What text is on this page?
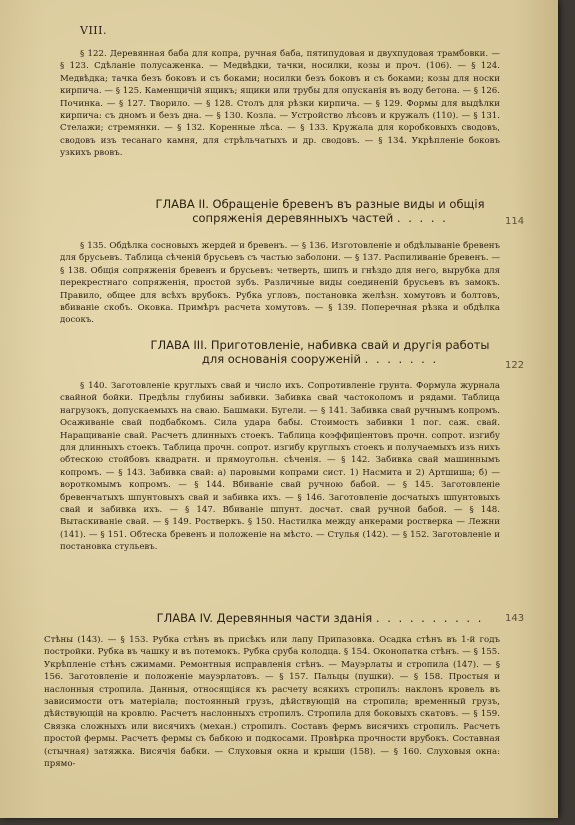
VIII.

§ 122. Деревянная баба для копра, ручная баба, пятипудовая и двухпудовая трамбовки. — § 123. Сдѣланіе полусаженка. — Медвѣдки, тачки, носилки, козы и проч. (106). — § 124. Медвѣдка; тачка безъ боковъ и съ боками; носилки безъ боковъ и съ боками; козы для носки кирпича. — § 125. Каменщичій ящикъ; ящики или трубы для опусканія въ воду бетона. — § 126. Починка. — § 127. Творило. — § 128. Столъ для рѣзки кирпича. — § 129. Формы для выдѣлки кирпича: съ дномъ и безъ дна. — § 130. Козла. — Устройство лѣсовъ и кружалъ (110). — § 131. Стелажи; стремянки. — § 132. Коренные лѣса. — § 133. Кружала для коробковыхъ сводовъ, сводовъ изъ тесанаго камня, для стрѣльчатыхъ и др. сводовъ. — § 134. Укрѣпленіе боковъ узкихъ рвовъ.

ГЛАВА II. Обращеніе бревенъ въ разные виды и общія сопряженія деревянныхъ частей . . . . .	114

§ 135. Обдѣлка сосновыхъ жердей и бревенъ. — § 136. Изготовленіе и обдѣлываніе бревенъ для брусьевъ. Таблица сѣченій брусьевъ съ частью заболони. — § 137. Распиливаніе бревенъ. — § 138. Общія сопряженія бревенъ и брусьевъ: четверть, шипъ и гнѣздо для него, вырубка для перекрестнаго сопряженія, простой зубъ. Различные виды соединеній брусьевъ въ замокъ. Правило, общее для всѣхъ врубокъ. Рубка угловъ, постановка желѣзн. хомутовъ и болтовъ, вбиваніе скобъ. Оковка. Примѣръ расчета хомутовъ. — § 139. Поперечная рѣзка и обдѣлка досокъ.

ГЛАВА III. Приготовленіе, набивка свай и другія работы для основанія сооруженій . . . . . . .	122

§ 140. Заготовленіе круглыхъ свай и число ихъ. Сопротивленіе грунта. Формула журнала свайной бойки. Предѣлы глубины забивки. Забивка свай частоколомъ и рядами. Таблица нагрузокъ, допускаемыхъ на сваю. Башмаки. Бугели. — § 141. Забивка свай ручнымъ копромъ. Осаживаніе свай подбабкомъ. Сила удара бабы. Стоимость забивки 1 пог. саж. свай. Наращиваніе свай. Расчетъ длинныхъ стоекъ. Таблица коэффиціентовъ прочн. сопрот. изгибу для длинныхъ стоекъ. Таблица прочн. сопрот. изгибу круглыхъ стоекъ и получаемыхъ изъ нихъ обтескою стойбовъ квадратн. и прямоугольн. сѣченія. — § 142. Забивка свай машиннымъ копромъ. — § 143. Забивка свай: а) паровыми копрами сист. 1) Насмита и 2) Артшиша; б) — вороткомымъ копромъ. — § 144. Вбиваніе свай ручною бабой. — § 145. Заготовленіе бревенчатыхъ шпунтовыхъ свай и забивка ихъ. — § 146. Заготовленіе досчатыхъ шпунтовыхъ свай и забивка ихъ. — § 147. Вбиваніе шпунт. досчат. свай ручной бабой. — § 148. Вытаскиваніе свай. — § 149. Ростверкъ. § 150. Настилка между анкерами ростверка — Лежни (141). — § 151. Обтеска бревенъ и положеніе на мѣсто. — Стулья (142). — § 152. Заготовленіе и постановка стульевъ.

ГЛАВА IV. Деревянныя части зданія . . . . . . . . . .	143

Стѣны (143). — § 153. Рубка стѣнъ въ присѣкъ или лапу Припазовка. Осадка стѣнъ въ 1-й годъ постройки. Рубка въ чашку и въ потемокъ. Рубка сруба колодца. § 154. Оконопатка стѣнъ. — § 155. Укрѣпленіе стѣнъ сжимами. Ремонтныя исправленія стѣнъ. — Мауэрлаты и стропила (147). — § 156. Заготовленіе и положеніе мауэрлатовъ. — § 157. Пальцы (пушки). — § 158. Простыя и наслонныя стропила. Данныя, относящіяся къ расчету всякихъ стропилъ: наклонъ кровель въ зависимости отъ матеріала; постоянный грузъ, дѣйствующій на стропила; временный грузъ, дѣйствующій на кровлю. Расчетъ наслонныхъ стропилъ. Стропила для боковыхъ скатовъ. — § 159. Связка сложныхъ или висячихъ (механ.) стропилъ. Составъ фермъ висячихъ стропилъ. Расчетъ простой фермы. Расчетъ фермы съ бабкою и подкосами. Провѣрка прочности врубокъ. Составная (стычная) затяжка. Висячія бабки. — Слуховыя окна и крыши (158). — § 160. Слуховыя окна: прямо-
